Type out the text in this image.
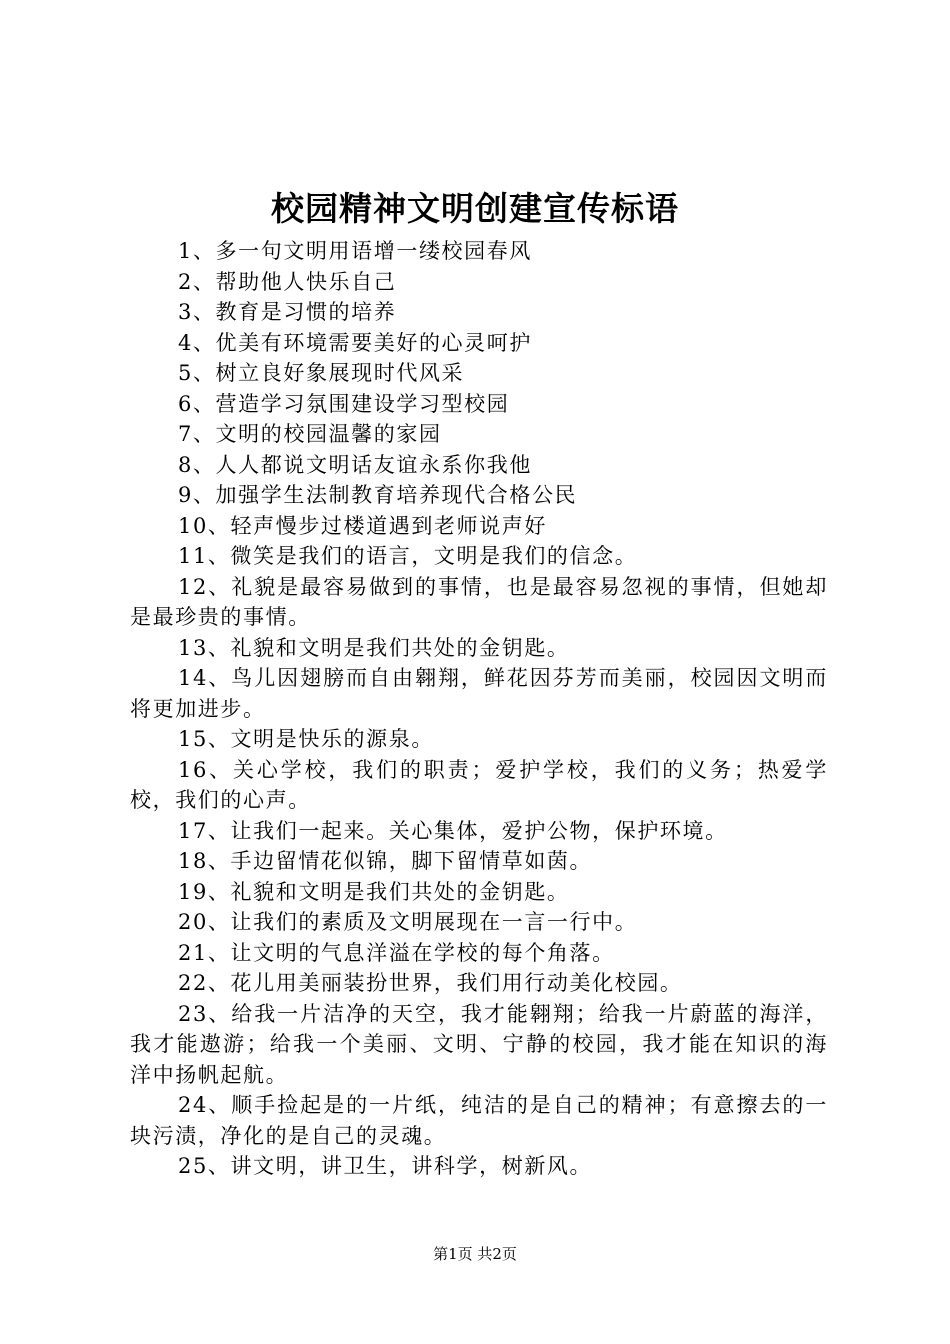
校园精神文明创建宣传标语
1、多一句文明用语增一缕校园春风
2、帮助他人快乐自己
3、教育是习惯的培养
4、优美有环境需要美好的心灵呵护
5、树立良好象展现时代风采
6、营造学习氛围建设学习型校园
7、文明的校园温馨的家园
8、人人都说文明话友谊永系你我他
9、加强学生法制教育培养现代合格公民
10、轻声慢步过楼道遇到老师说声好
11、微笑是我们的语言，文明是我们的信念。
12、礼貌是最容易做到的事情，也是最容易忽视的事情，但她却是最珍贵的事情。
13、礼貌和文明是我们共处的金钥匙。
14、鸟儿因翅膀而自由翱翔，鲜花因芬芳而美丽，校园因文明而将更加进步。
15、文明是快乐的源泉。
16、关心学校，我们的职责；爱护学校，我们的义务；热爱学校，我们的心声。
17、让我们一起来。关心集体，爱护公物，保护环境。
18、手边留情花似锦，脚下留情草如茵。
19、礼貌和文明是我们共处的金钥匙。
20、让我们的素质及文明展现在一言一行中。
21、让文明的气息洋溢在学校的每个角落。
22、花儿用美丽装扮世界，我们用行动美化校园。
23、给我一片洁净的天空，我才能翱翔；给我一片蔚蓝的海洋，我才能遨游；给我一个美丽、文明、宁静的校园，我才能在知识的海洋中扬帆起航。
24、顺手捡起是的一片纸，纯洁的是自己的精神；有意擦去的一块污渍，净化的是自己的灵魂。
25、讲文明，讲卫生，讲科学，树新风。
第1页 共2页
